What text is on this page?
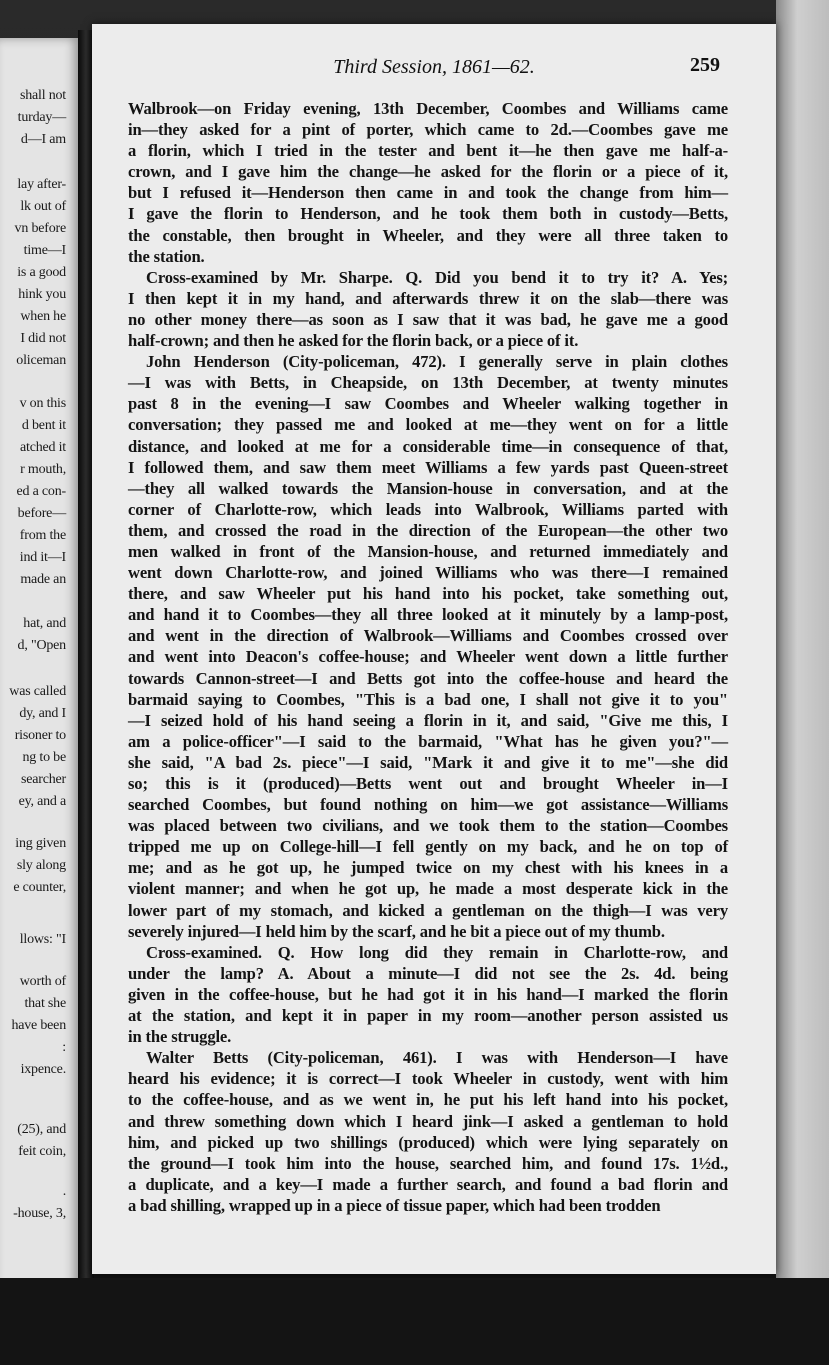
shall not
turday—
d—I am
lay after-
lk out of
vn before
time—I
is a good
hink you
when he
I did not
oliceman
v on this
d bent it
atched it
r mouth,
ed a con-
before—
from the
ind it—I
made an
hat, and
d, "Open
was called
dy, and I
risoner to
ng to be
searcher
ey, and a
ing given
sly along
e counter,
llows: "I
worth of
that she
have been
:
ixpence.
(25), and
feit coin,
.
-house, 3,
Third Session, 1861—62.	259
Walbrook—on Friday evening, 13th December, Coombes and Williams came
in—they asked for a pint of porter, which came to 2d.—Coombes gave me
a florin, which I tried in the tester and bent it—he then gave me half-a-
crown, and I gave him the change—he asked for the florin or a piece of it,
but I refused it—Henderson then came in and took the change from him—
I gave the florin to Henderson, and he took them both in custody—Betts,
the constable, then brought in Wheeler, and they were all three taken to
the station.
Cross-examined by Mr. Sharpe. Q. Did you bend it to try it? A. Yes;
I then kept it in my hand, and afterwards threw it on the slab—there was
no other money there—as soon as I saw that it was bad, he gave me a good
half-crown; and then he asked for the florin back, or a piece of it.
John Henderson (City-policeman, 472). I generally serve in plain clothes
—I was with Betts, in Cheapside, on 13th December, at twenty minutes
past 8 in the evening—I saw Coombes and Wheeler walking together in
conversation; they passed me and looked at me—they went on for a little
distance, and looked at me for a considerable time—in consequence of that,
I followed them, and saw them meet Williams a few yards past Queen-street
—they all walked towards the Mansion-house in conversation, and at the
corner of Charlotte-row, which leads into Walbrook, Williams parted with
them, and crossed the road in the direction of the European—the other two
men walked in front of the Mansion-house, and returned immediately and
went down Charlotte-row, and joined Williams who was there—I remained
there, and saw Wheeler put his hand into his pocket, take something out,
and hand it to Coombes—they all three looked at it minutely by a lamp-post,
and went in the direction of Walbrook—Williams and Coombes crossed over
and went into Deacon's coffee-house; and Wheeler went down a little further
towards Cannon-street—I and Betts got into the coffee-house and heard the
barmaid saying to Coombes, "This is a bad one, I shall not give it to you"
—I seized hold of his hand seeing a florin in it, and said, "Give me this, I
am a police-officer"—I said to the barmaid, "What has he given you?"—
she said, "A bad 2s. piece"—I said, "Mark it and give it to me"—she did
so; this is it (produced)—Betts went out and brought Wheeler in—I
searched Coombes, but found nothing on him—we got assistance—Williams
was placed between two civilians, and we took them to the station—Coombes
tripped me up on College-hill—I fell gently on my back, and he on top of
me; and as he got up, he jumped twice on my chest with his knees in a
violent manner; and when he got up, he made a most desperate kick in the
lower part of my stomach, and kicked a gentleman on the thigh—I was very
severely injured—I held him by the scarf, and he bit a piece out of my thumb.
Cross-examined. Q. How long did they remain in Charlotte-row, and
under the lamp? A. About a minute—I did not see the 2s. 4d. being
given in the coffee-house, but he had got it in his hand—I marked the florin
at the station, and kept it in paper in my room—another person assisted us
in the struggle.
Walter Betts (City-policeman, 461). I was with Henderson—I have
heard his evidence; it is correct—I took Wheeler in custody, went with him
to the coffee-house, and as we went in, he put his left hand into his pocket,
and threw something down which I heard jink—I asked a gentleman to hold
him, and picked up two shillings (produced) which were lying separately on
the ground—I took him into the house, searched him, and found 17s. 1½d.,
a duplicate, and a key—I made a further search, and found a bad florin and
a bad shilling, wrapped up in a piece of tissue paper, which had been trodden
